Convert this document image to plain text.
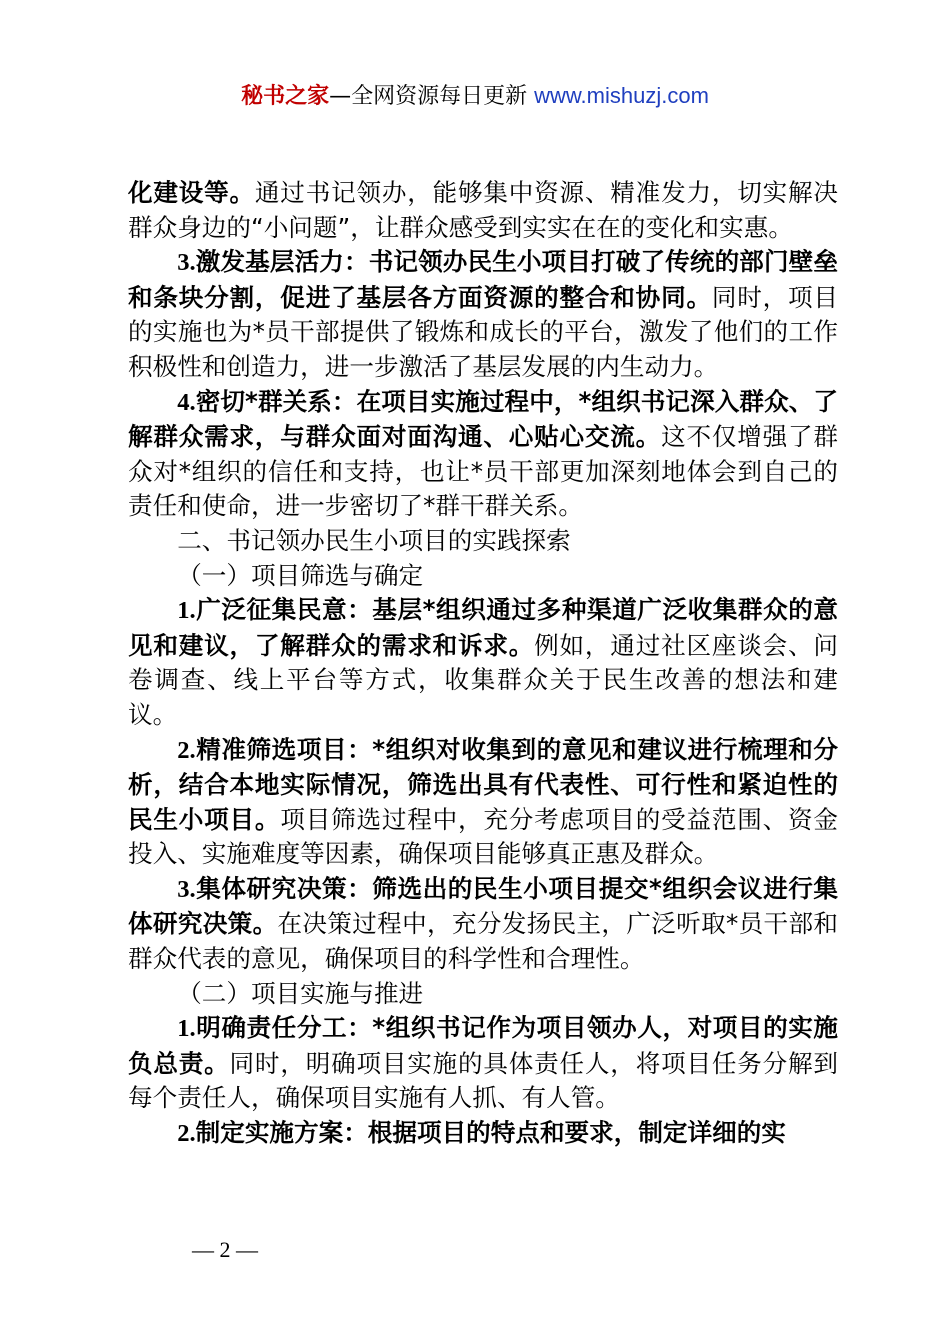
秘书之家—全网资源每日更新 www.mishuzj.com

化建设等。通过书记领办，能够集中资源、精准发力，切实解决群众身边的“小问题”，让群众感受到实实在在的变化和实惠。

3.激发基层活力：书记领办民生小项目打破了传统的部门壁垒和条块分割，促进了基层各方面资源的整合和协同。同时，项目的实施也为*员干部提供了锻炼和成长的平台，激发了他们的工作积极性和创造力，进一步激活了基层发展的内生动力。

4.密切*群关系：在项目实施过程中，*组织书记深入群众、了解群众需求，与群众面对面沟通、心贴心交流。这不仅增强了群众对*组织的信任和支持，也让*员干部更加深刻地体会到自己的责任和使命，进一步密切了*群干群关系。

二、书记领办民生小项目的实践探索

（一）项目筛选与确定

1.广泛征集民意：基层*组织通过多种渠道广泛收集群众的意见和建议，了解群众的需求和诉求。例如，通过社区座谈会、问卷调查、线上平台等方式，收集群众关于民生改善的想法和建议。

2.精准筛选项目：*组织对收集到的意见和建议进行梳理和分析，结合本地实际情况，筛选出具有代表性、可行性和紧迫性的民生小项目。项目筛选过程中，充分考虑项目的受益范围、资金投入、实施难度等因素，确保项目能够真正惠及群众。

3.集体研究决策：筛选出的民生小项目提交*组织会议进行集体研究决策。在决策过程中，充分发扬民主，广泛听取*员干部和群众代表的意见，确保项目的科学性和合理性。

（二）项目实施与推进

1.明确责任分工：*组织书记作为项目领办人，对项目的实施负总责。同时，明确项目实施的具体责任人，将项目任务分解到每个责任人，确保项目实施有人抓、有人管。

2.制定实施方案：根据项目的特点和要求，制定详细的实

— 2 —
